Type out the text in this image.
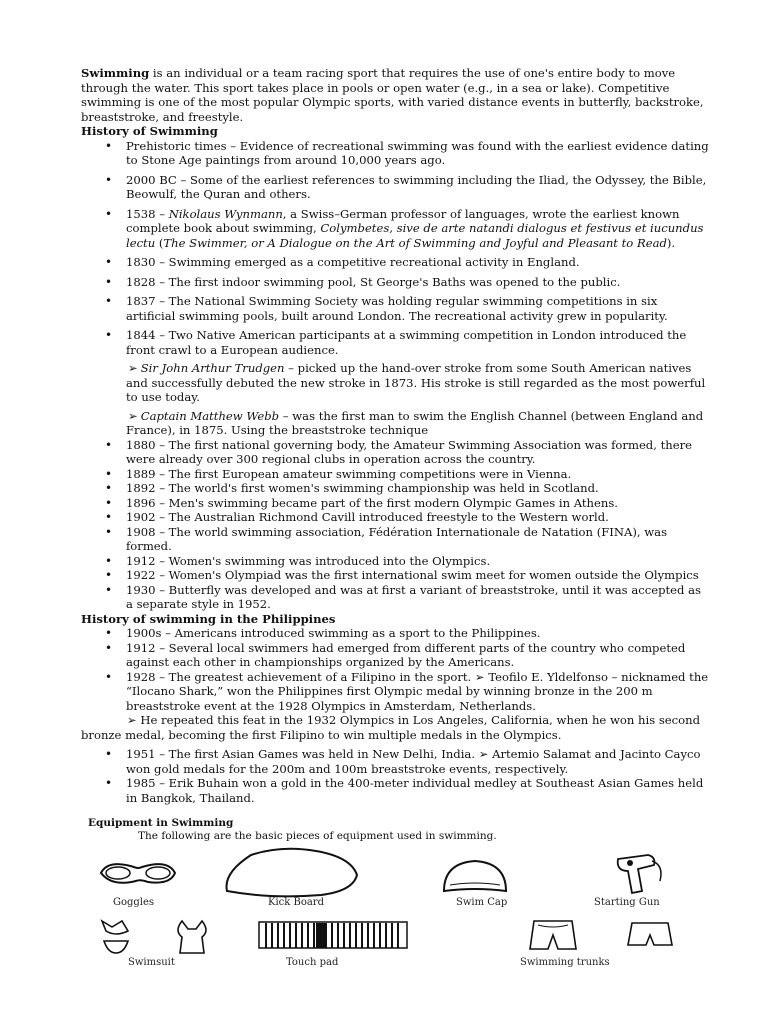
Swimming is an individual or a team racing sport that requires the use of one's entire body to move through the water. This sport takes place in pools or open water (e.g., in a sea or lake). Competitive swimming is one of the most popular Olympic sports, with varied distance events in butterfly, backstroke, breaststroke, and freestyle.

History of Swimming

• Prehistoric times – Evidence of recreational swimming was found with the earliest evidence dating to Stone Age paintings from around 10,000 years ago.
• 2000 BC – Some of the earliest references to swimming including the Iliad, the Odyssey, the Bible, Beowulf, the Quran and others.
• 1538 – Nikolaus Wynmann, a Swiss–German professor of languages, wrote the earliest known complete book about swimming, Colymbetes, sive de arte natandi dialogus et festivus et iucundus lectu (The Swimmer, or A Dialogue on the Art of Swimming and Joyful and Pleasant to Read).
• 1830 – Swimming emerged as a competitive recreational activity in England.
• 1828 – The first indoor swimming pool, St George's Baths was opened to the public.
• 1837 – The National Swimming Society was holding regular swimming competitions in six artificial swimming pools, built around London. The recreational activity grew in popularity.
• 1844 – Two Native American participants at a swimming competition in London introduced the front crawl to a European audience.

➢ Sir John Arthur Trudgen – picked up the hand-over stroke from some South American natives and successfully debuted the new stroke in 1873. His stroke is still regarded as the most powerful to use today.

➢ Captain Matthew Webb – was the first man to swim the English Channel (between England and France), in 1875. Using the breaststroke technique

• 1880 – The first national governing body, the Amateur Swimming Association was formed, there were already over 300 regional clubs in operation across the country.
• 1889 – The first European amateur swimming competitions were in Vienna.
• 1892 – The world's first women's swimming championship was held in Scotland.
• 1896 – Men's swimming became part of the first modern Olympic Games in Athens.
• 1902 – The Australian Richmond Cavill introduced freestyle to the Western world.
• 1908 – The world swimming association, Fédération Internationale de Natation (FINA), was formed.
• 1912 – Women's swimming was introduced into the Olympics.
• 1922 – Women's Olympiad was the first international swim meet for women outside the Olympics
• 1930 – Butterfly was developed and was at first a variant of breaststroke, until it was accepted as a separate style in 1952.

History of swimming in the Philippines

• 1900s – Americans introduced swimming as a sport to the Philippines.
• 1912 – Several local swimmers had emerged from different parts of the country who competed against each other in championships organized by the Americans.
• 1928 – The greatest achievement of a Filipino in the sport. ➢ Teofilo E. Yldelfonso – nicknamed the “Ilocano Shark,” won the Philippines first Olympic medal by winning bronze in the 200 m breaststroke event at the 1928 Olympics in Amsterdam, Netherlands.

➢ He repeated this feat in the 1932 Olympics in Los Angeles, California, when he won his second bronze medal, becoming the first Filipino to win multiple medals in the Olympics.

• 1951 – The first Asian Games was held in New Delhi, India. ➢ Artemio Salamat and Jacinto Cayco won gold medals for the 200m and 100m breaststroke events, respectively.
• 1985 – Erik Buhain won a gold in the 400-meter individual medley at Southeast Asian Games held in Bangkok, Thailand.
Equipment in Swimming
The following are the basic pieces of equipment used in swimming.
Goggles	Kick Board	Swim Cap	Starting Gun
Swimsuit	Touch pad	Swimming trunks
